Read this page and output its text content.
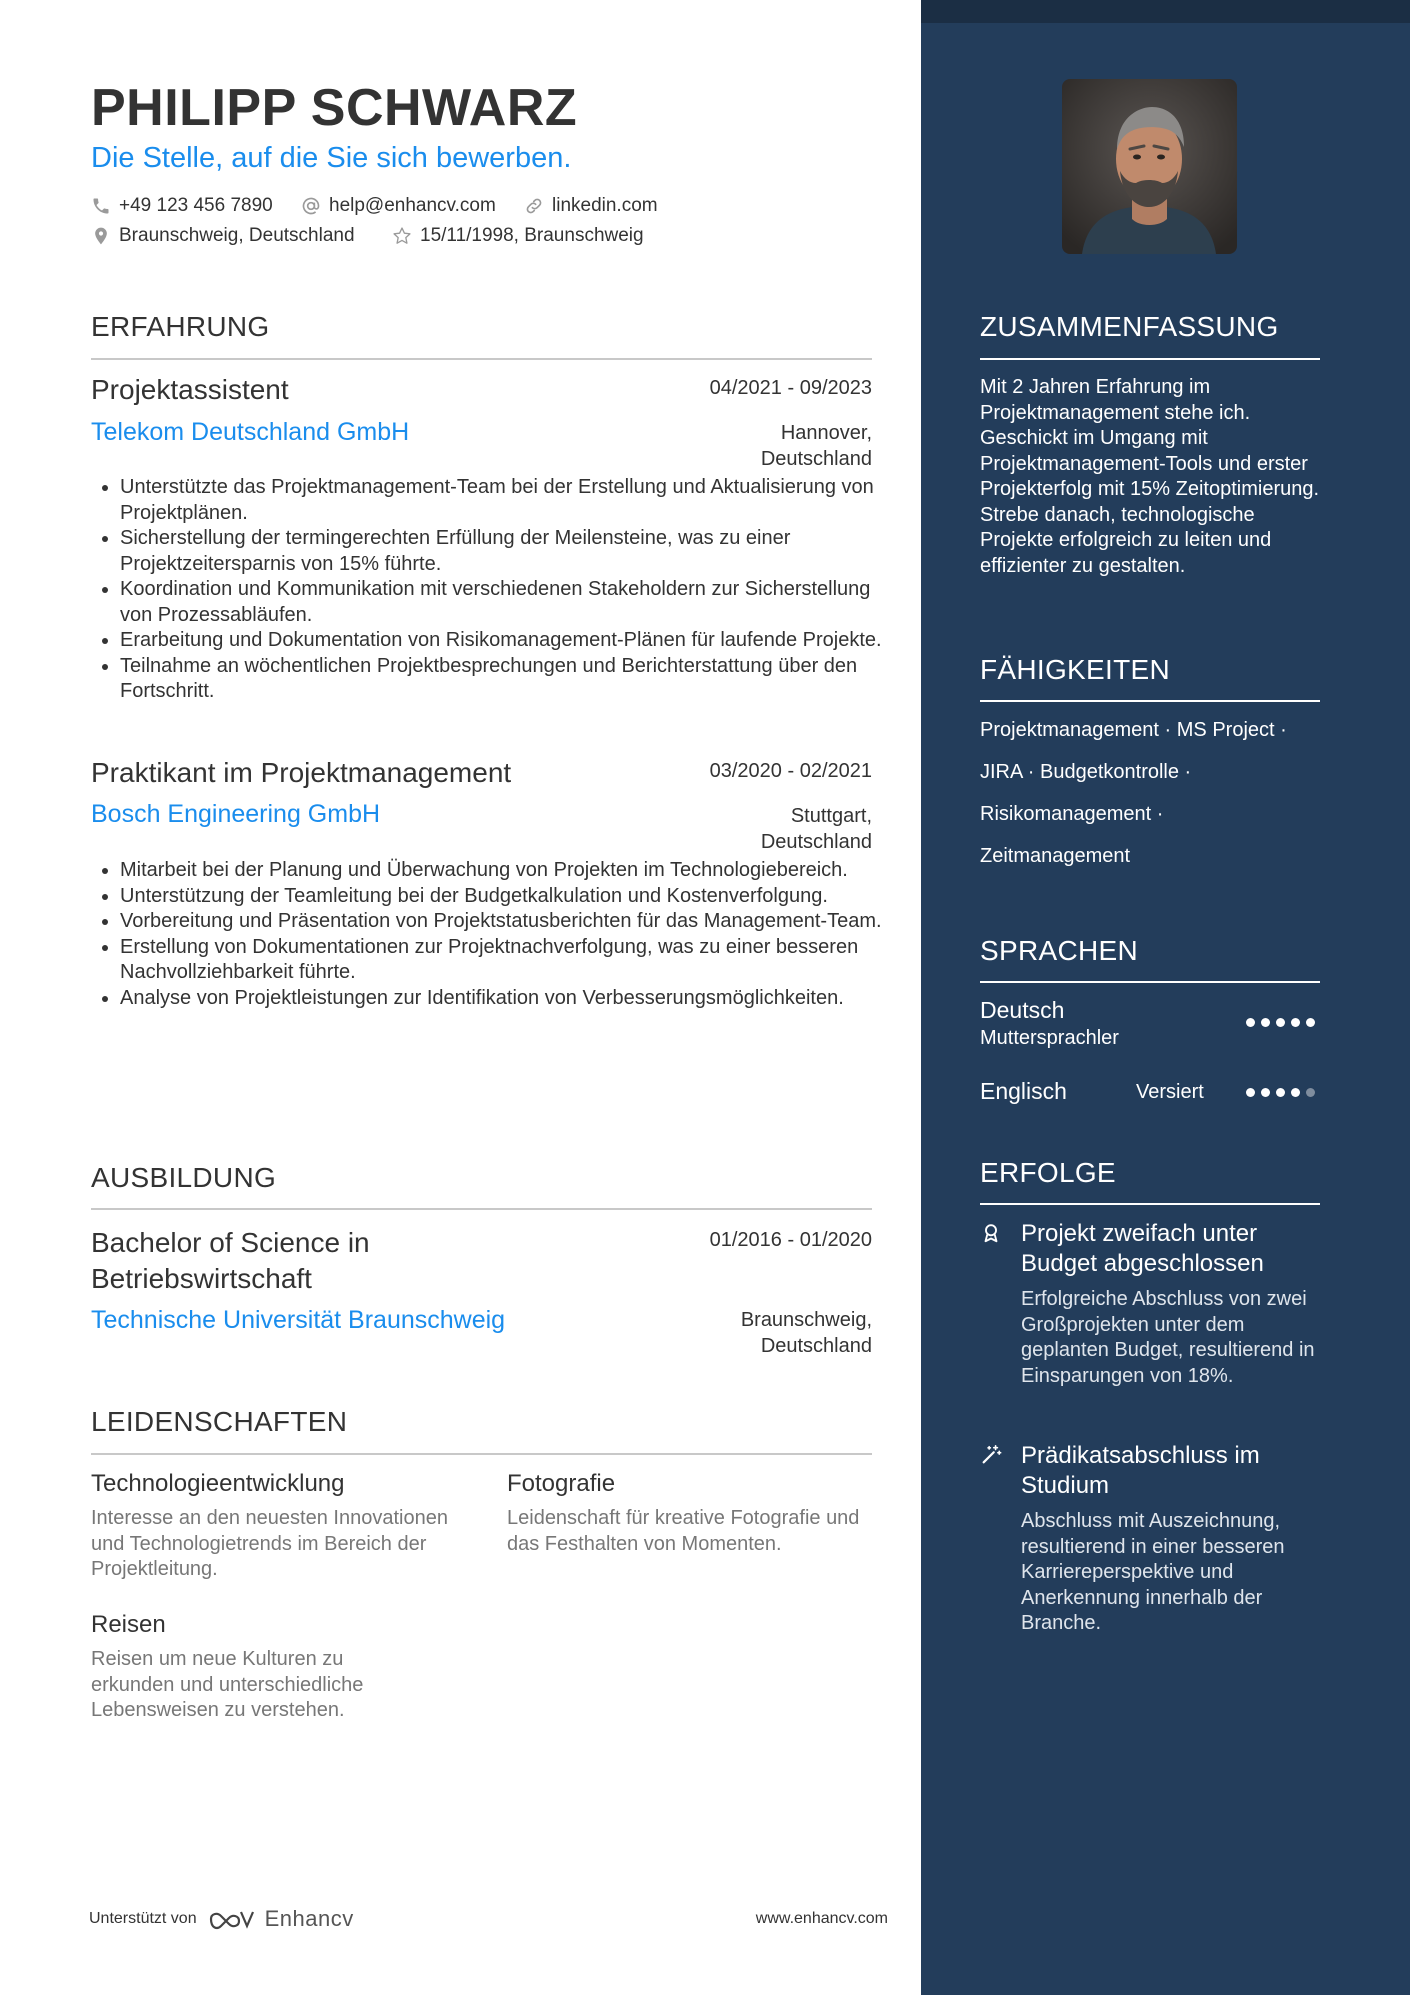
PHILIPP SCHWARZ
Die Stelle, auf die Sie sich bewerben.
+49 123 456 7890	help@enhancv.com	linkedin.com
Braunschweig, Deutschland	15/11/1998, Braunschweig
ERFAHRUNG
Projektassistent	04/2021 - 09/2023
Telekom Deutschland GmbH	Hannover,
Deutschland
• Unterstützte das Projektmanagement-Team bei der Erstellung und Aktualisierung von Projektplänen.
• Sicherstellung der termingerechten Erfüllung der Meilensteine, was zu einer Projektzeitersparnis von 15% führte.
• Koordination und Kommunikation mit verschiedenen Stakeholdern zur Sicherstellung von Prozessabläufen.
• Erarbeitung und Dokumentation von Risikomanagement-Plänen für laufende Projekte.
• Teilnahme an wöchentlichen Projektbesprechungen und Berichterstattung über den Fortschritt.
Praktikant im Projektmanagement	03/2020 - 02/2021
Bosch Engineering GmbH	Stuttgart,
Deutschland
• Mitarbeit bei der Planung und Überwachung von Projekten im Technologiebereich.
• Unterstützung der Teamleitung bei der Budgetkalkulation und Kostenverfolgung.
• Vorbereitung und Präsentation von Projektstatusberichten für das Management-Team.
• Erstellung von Dokumentationen zur Projektnachverfolgung, was zu einer besseren Nachvollziehbarkeit führte.
• Analyse von Projektleistungen zur Identifikation von Verbesserungsmöglichkeiten.
AUSBILDUNG
Bachelor of Science in
Betriebswirtschaft
01/2016 - 01/2020
Technische Universität Braunschweig	Braunschweig,
Deutschland
LEIDENSCHAFTEN
Technologieentwicklung
Interesse an den neuesten Innovationen und Technologietrends im Bereich der Projektleitung.
Fotografie
Leidenschaft für kreative Fotografie und das Festhalten von Momenten.
Reisen
Reisen um neue Kulturen zu erkunden und unterschiedliche Lebensweisen zu verstehen.
Unterstützt von	Enhancv	www.enhancv.com
ZUSAMMENFASSUNG
Mit 2 Jahren Erfahrung im Projektmanagement stehe ich. Geschickt im Umgang mit Projektmanagement-Tools und erster Projekterfolg mit 15% Zeitoptimierung. Strebe danach, technologische Projekte erfolgreich zu leiten und effizienter zu gestalten.
FÄHIGKEITEN
Projektmanagement · MS Project ·
JIRA · Budgetkontrolle ·
Risikomanagement ·
Zeitmanagement
SPRACHEN
Deutsch
Muttersprachler
Englisch	Versiert
ERFOLGE
Projekt zweifach unter Budget abgeschlossen
Erfolgreiche Abschluss von zwei Großprojekten unter dem geplanten Budget, resultierend in Einsparungen von 18%.
Prädikatsabschluss im Studium
Abschluss mit Auszeichnung, resultierend in einer besseren Karriereperspektive und Anerkennung innerhalb der Branche.
